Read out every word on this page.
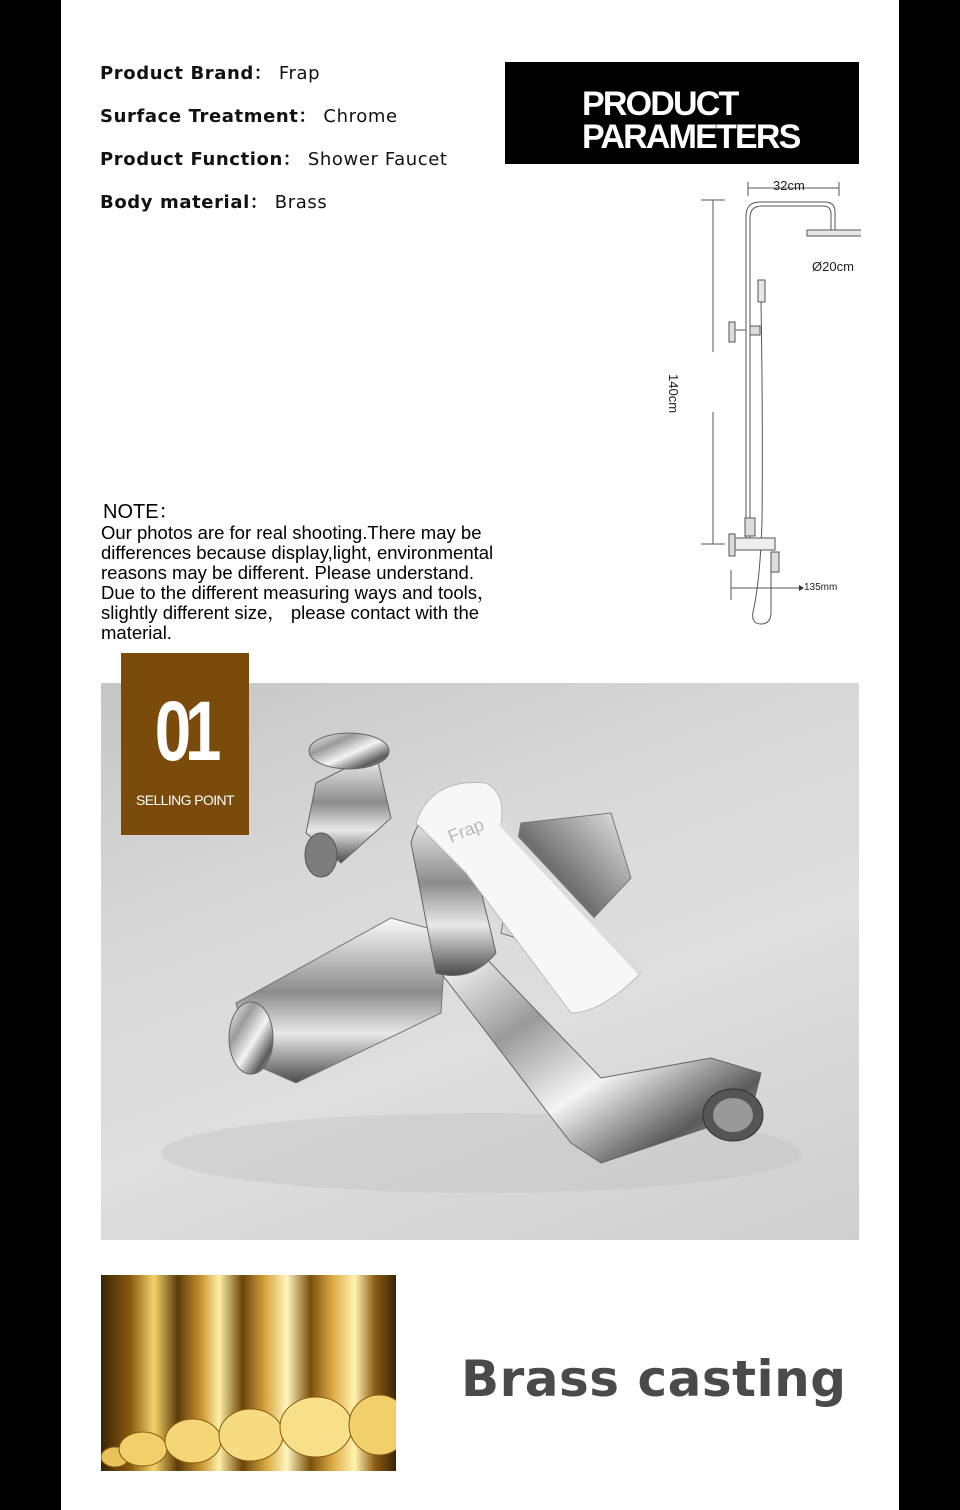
Product Brand： Frap
Surface Treatment： Chrome
Product Function： Shower Faucet
Body material： Brass
PRODUCT
PARAMETERS
32cm
Ø20cm
140cm
135mm
NOTE：
Our photos are for real shooting.There may be
differences because display,light, environmental
reasons may be different. Please understand.
Due to the different measuring ways and tools，
slightly different size， please contact with the
material.
Frap
01
SELLING POINT
Brass casting
